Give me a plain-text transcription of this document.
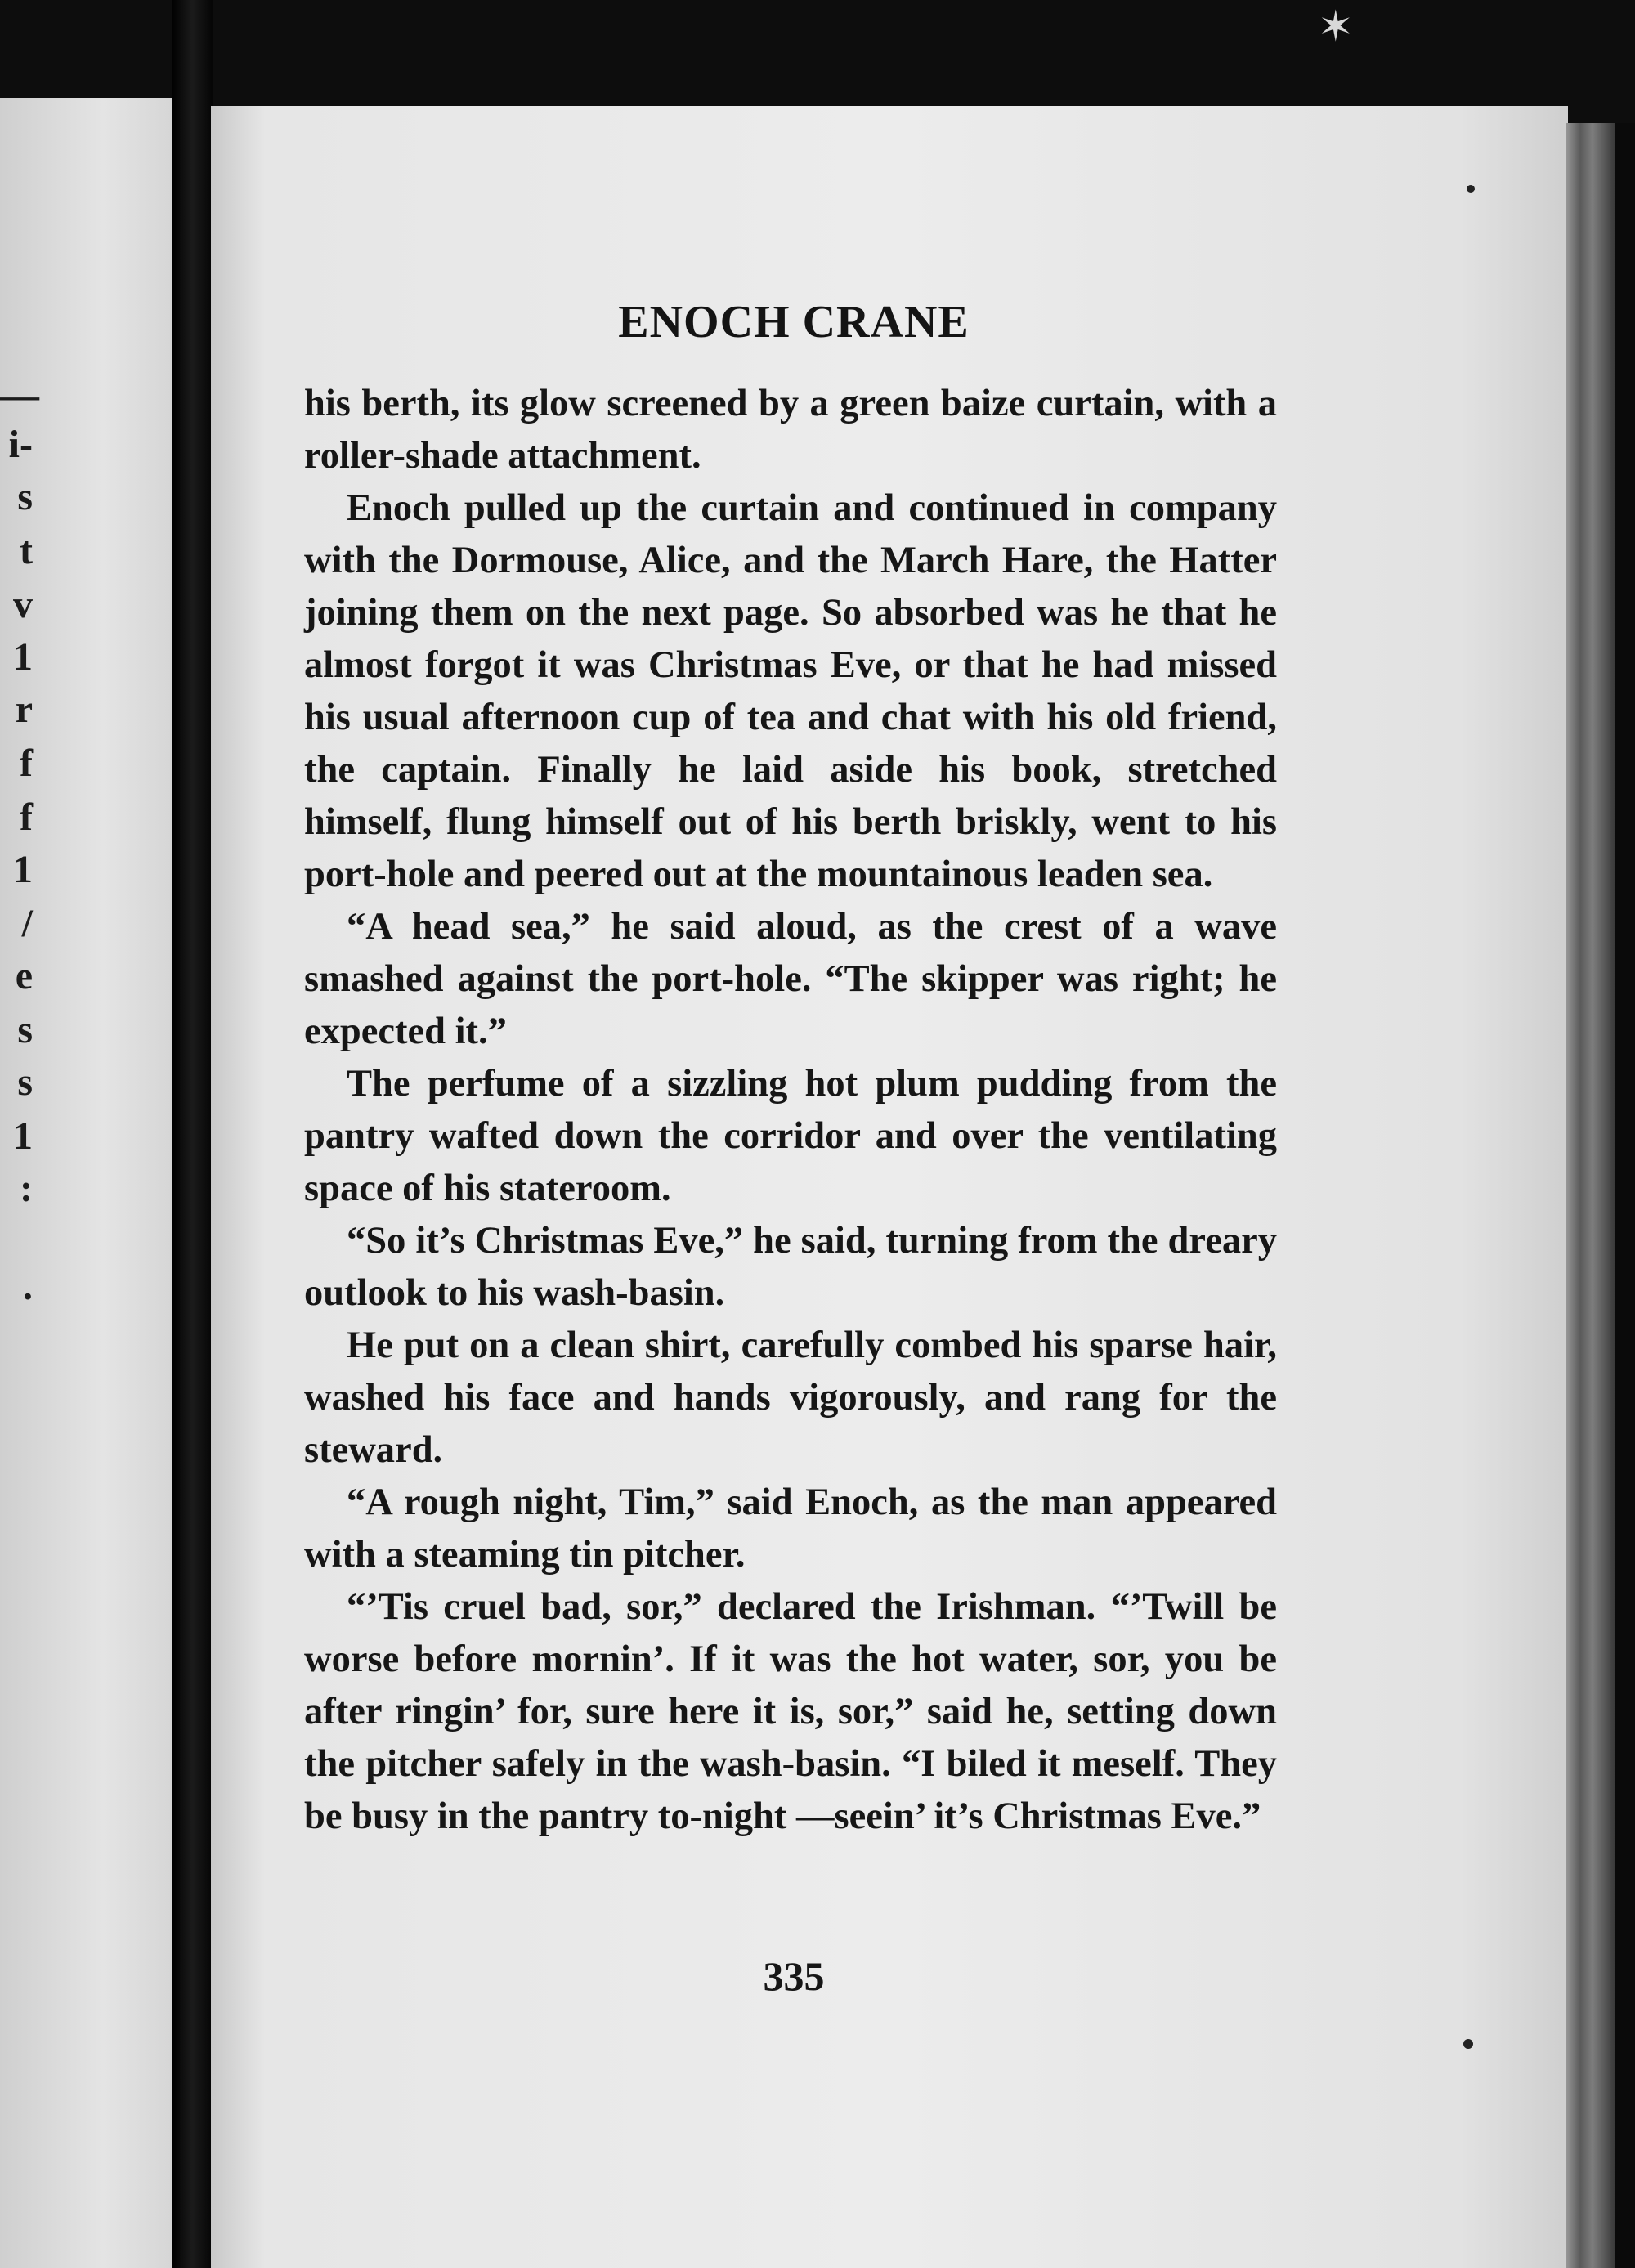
—
i-
s
t
v
1
r
f
f
1
/
e
s
s
1
:
.
✶
ENOCH CRANE

his berth, its glow screened by a green baize curtain, with a roller-shade attachment.

Enoch pulled up the curtain and continued in company with the Dormouse, Alice, and the March Hare, the Hatter joining them on the next page. So absorbed was he that he almost forgot it was Christmas Eve, or that he had missed his usual afternoon cup of tea and chat with his old friend, the captain. Finally he laid aside his book, stretched himself, flung himself out of his berth briskly, went to his port-hole and peered out at the mountainous leaden sea.

“A head sea,” he said aloud, as the crest of a wave smashed against the port-hole. “The skipper was right; he expected it.”

The perfume of a sizzling hot plum pudding from the pantry wafted down the corridor and over the ventilating space of his stateroom.

“So it’s Christmas Eve,” he said, turning from the dreary outlook to his wash-basin.

He put on a clean shirt, carefully combed his sparse hair, washed his face and hands vigorously, and rang for the steward.

“A rough night, Tim,” said Enoch, as the man appeared with a steaming tin pitcher.

“’Tis cruel bad, sor,” declared the Irishman. “’Twill be worse before mornin’. If it was the hot water, sor, you be after ringin’ for, sure here it is, sor,” said he, setting down the pitcher safely in the wash-basin. “I biled it meself. They be busy in the pantry to-night —seein’ it’s Christmas Eve.”

335
